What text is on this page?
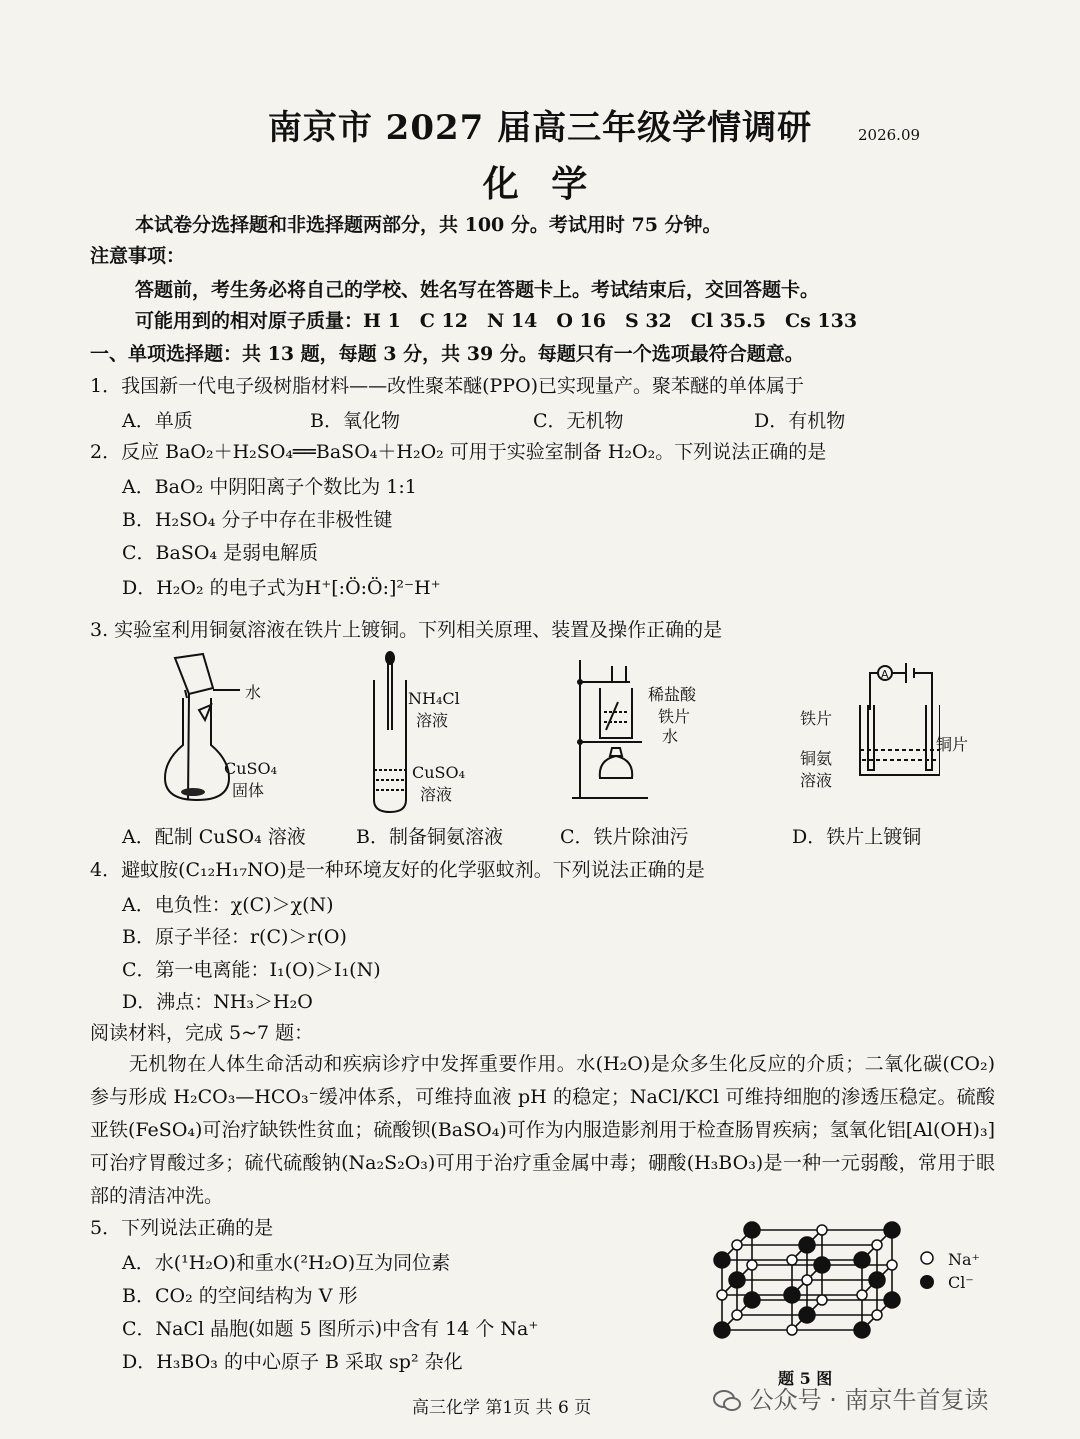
南京市 2027 届高三年级学情调研	2026.09
化 学
本试卷分选择题和非选择题两部分，共 100 分。考试用时 75 分钟。
注意事项：
答题前，考生务必将自己的学校、姓名写在答题卡上。考试结束后，交回答题卡。
可能用到的相对原子质量：H 1　C 12　N 14　O 16　S 32　Cl 35.5　Cs 133
一、单项选择题：共 13 题，每题 3 分，共 39 分。每题只有一个选项最符合题意。
1．我国新一代电子级树脂材料——改性聚苯醚(PPO)已实现量产。聚苯醚的单体属于
A．单质	B．氧化物	C．无机物	D．有机物
2．反应 BaO₂＋H₂SO₄══BaSO₄＋H₂O₂ 可用于实验室制备 H₂O₂。下列说法正确的是
A．BaO₂ 中阴阳离子个数比为 1:1
B．H₂SO₄ 分子中存在非极性键
C．BaSO₄ 是弱电解质
D．H₂O₂ 的电子式为H⁺[:Ö:Ö:]²⁻H⁺
3. 实验室利用铜氨溶液在铁片上镀铜。下列相关原理、装置及操作正确的是
水
CuSO₄
固体
NH₄Cl
溶液
CuSO₄
溶液
稀盐酸
铁片
水
A
铁片
铜片
铜氨
溶液
A．配制 CuSO₄ 溶液	B．制备铜氨溶液	C．铁片除油污	D．铁片上镀铜
4．避蚊胺(C₁₂H₁₇NO)是一种环境友好的化学驱蚊剂。下列说法正确的是
A．电负性：χ(C)＞χ(N)
B．原子半径：r(C)＞r(O)
C．第一电离能：I₁(O)＞I₁(N)
D．沸点：NH₃＞H₂O
阅读材料，完成 5~7 题：
　　无机物在人体生命活动和疾病诊疗中发挥重要作用。水(H₂O)是众多生化反应的介质；二氧化碳(CO₂)参与形成 H₂CO₃—HCO₃⁻缓冲体系，可维持血液 pH 的稳定；NaCl/KCl 可维持细胞的渗透压稳定。硫酸亚铁(FeSO₄)可治疗缺铁性贫血；硫酸钡(BaSO₄)可作为内服造影剂用于检查肠胃疾病；氢氧化铝[Al(OH)₃]可治疗胃酸过多；硫代硫酸钠(Na₂S₂O₃)可用于治疗重金属中毒；硼酸(H₃BO₃)是一种一元弱酸，常用于眼部的清洁冲洗。
5．下列说法正确的是
A．水(¹H₂O)和重水(²H₂O)互为同位素
B．CO₂ 的空间结构为 V 形
C．NaCl 晶胞(如题 5 图所示)中含有 14 个 Na⁺
D．H₃BO₃ 的中心原子 B 采取 sp² 杂化
Na⁺
Cl⁻
题 5 图
高三化学 第1页 共 6 页	公众号 · 南京牛首复读
